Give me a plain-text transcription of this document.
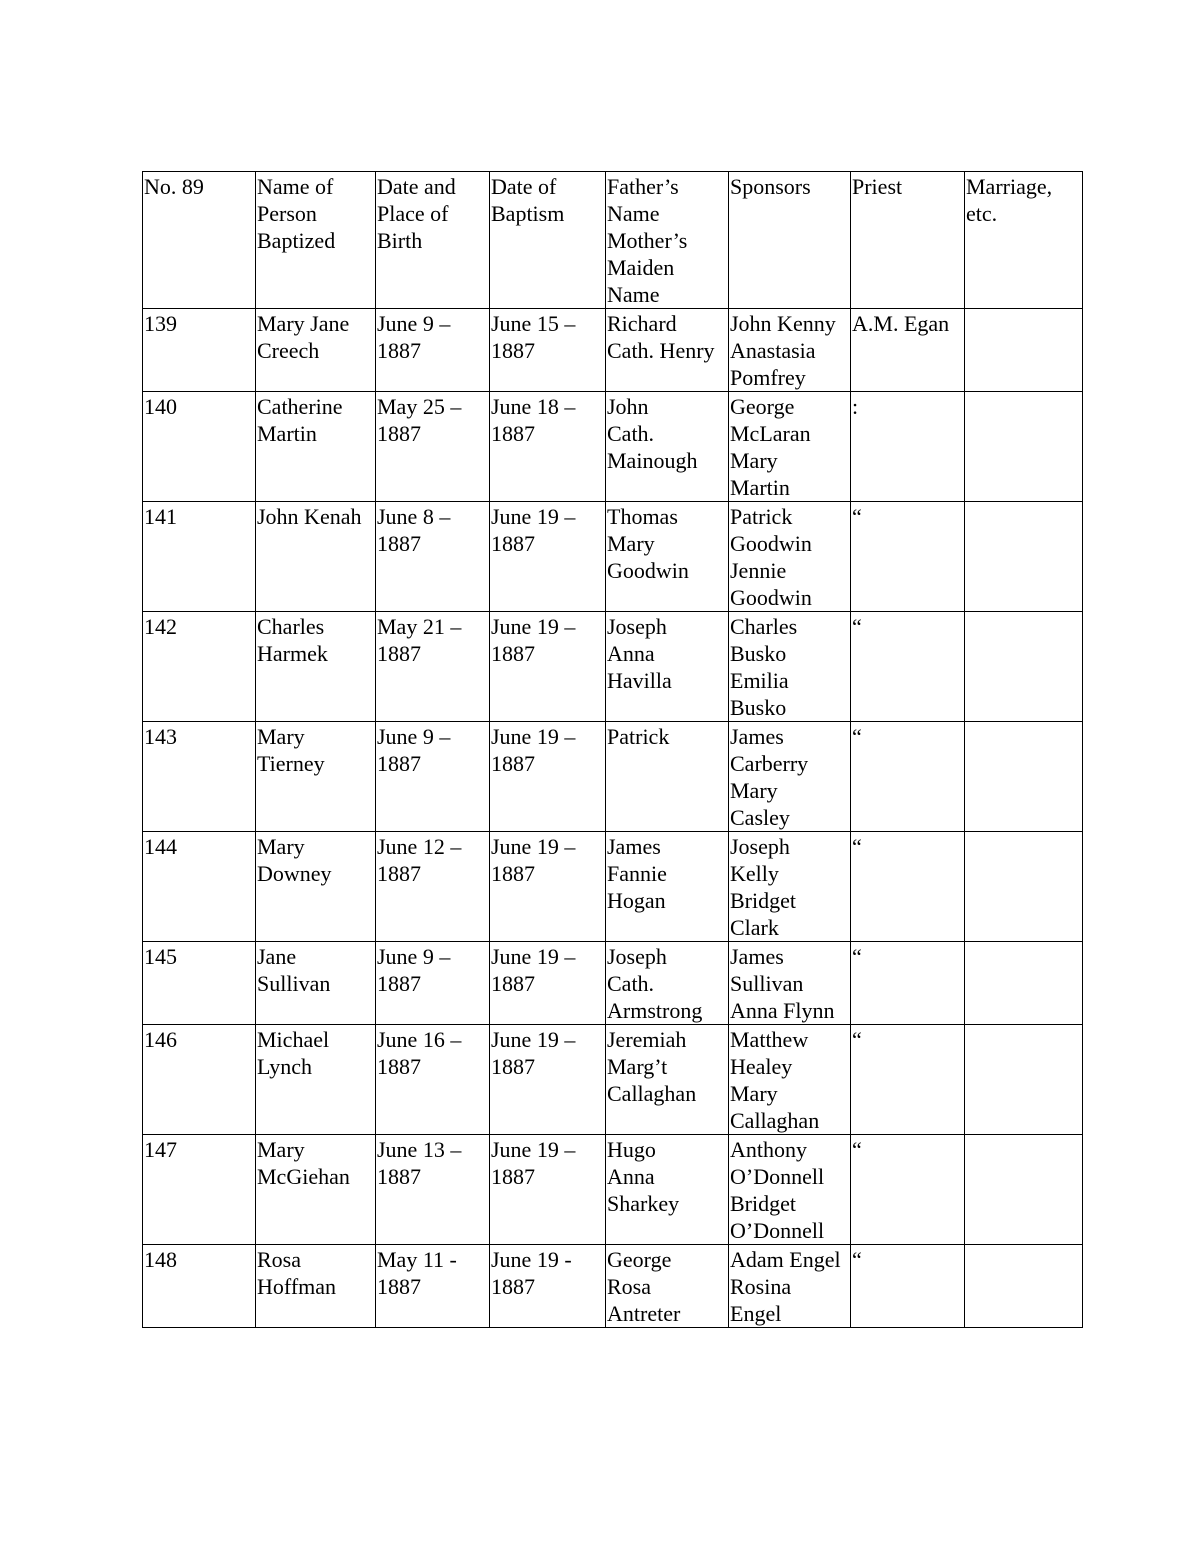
No. 89	Name of
Person
Baptized	Date and
Place of
Birth	Date of
Baptism	Father’s
Name
Mother’s
Maiden
Name	Sponsors	Priest	Marriage,
etc.
139	Mary Jane
Creech	June 9 –
1887	June 15 –
1887	Richard
Cath. Henry	John Kenny
Anastasia
Pomfrey	A.M. Egan	
140	Catherine
Martin	May 25 –
1887	June 18 –
1887	John
Cath.
Mainough	George
McLaran
Mary
Martin	:	
141	John Kenah	June 8 –
1887	June 19 –
1887	Thomas
Mary
Goodwin	Patrick
Goodwin
Jennie
Goodwin	“	
142	Charles
Harmek	May 21 –
1887	June 19 –
1887	Joseph
Anna
Havilla	Charles
Busko
Emilia
Busko	“	
143	Mary
Tierney	June 9 –
1887	June 19 –
1887	Patrick	James
Carberry
Mary
Casley	“	
144	Mary
Downey	June 12 –
1887	June 19 –
1887	James
Fannie
Hogan	Joseph
Kelly
Bridget
Clark	“	
145	Jane
Sullivan	June 9 –
1887	June 19 –
1887	Joseph
Cath.
Armstrong	James
Sullivan
Anna Flynn	“	
146	Michael
Lynch	June 16 –
1887	June 19 –
1887	Jeremiah
Marg’t
Callaghan	Matthew
Healey
Mary
Callaghan	“	
147	Mary
McGiehan	June 13 –
1887	June 19 –
1887	Hugo
Anna
Sharkey	Anthony
O’Donnell
Bridget
O’Donnell	“	
148	Rosa
Hoffman	May 11 -
1887	June 19 -
1887	George
Rosa
Antreter	Adam Engel
Rosina
Engel	“	
